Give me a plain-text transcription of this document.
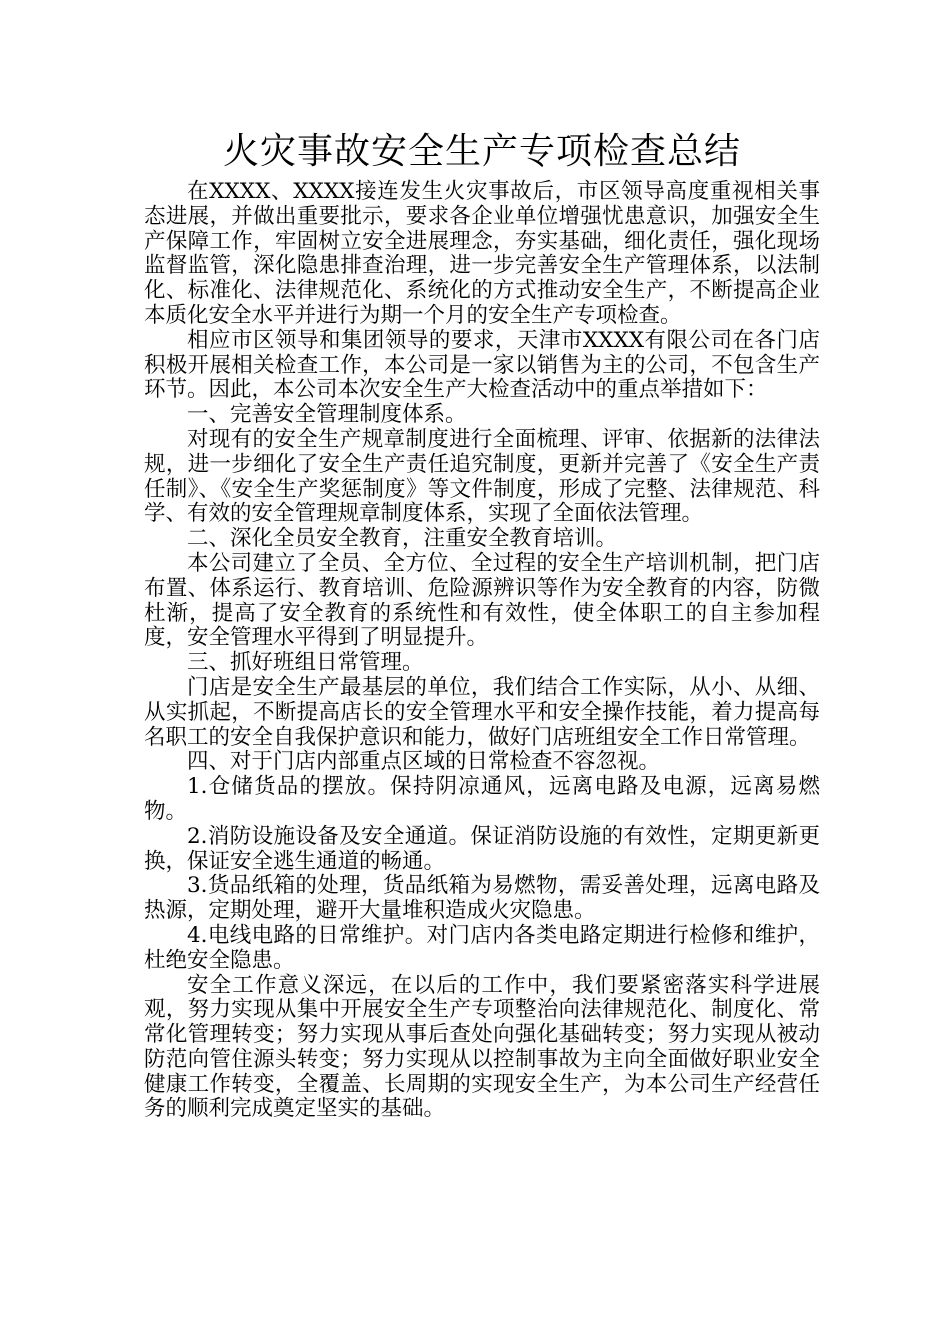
火灾事故安全生产专项检查总结

在XXXX、XXXX接连发生火灾事故后，市区领导高度重视相关事态进展，并做出重要批示，要求各企业单位增强忧患意识，加强安全生产保障工作，牢固树立安全进展理念，夯实基础，细化责任，强化现场监督监管，深化隐患排查治理，进一步完善安全生产管理体系，以法制化、标准化、法律规范化、系统化的方式推动安全生产，不断提高企业本质化安全水平并进行为期一个月的安全生产专项检查。

相应市区领导和集团领导的要求，天津市XXXX有限公司在各门店积极开展相关检查工作，本公司是一家以销售为主的公司，不包含生产环节。因此，本公司本次安全生产大检查活动中的重点举措如下：

一、完善安全管理制度体系。

对现有的安全生产规章制度进行全面梳理、评审、依据新的法律法规，进一步细化了安全生产责任追究制度，更新并完善了《安全生产责任制》、《安全生产奖惩制度》等文件制度，形成了完整、法律规范、科学、有效的安全管理规章制度体系，实现了全面依法管理。

二、深化全员安全教育，注重安全教育培训。

本公司建立了全员、全方位、全过程的安全生产培训机制，把门店布置、体系运行、教育培训、危险源辨识等作为安全教育的内容，防微杜渐，提高了安全教育的系统性和有效性，使全体职工的自主参加程度，安全管理水平得到了明显提升。

三、抓好班组日常管理。

门店是安全生产最基层的单位，我们结合工作实际，从小、从细、从实抓起，不断提高店长的安全管理水平和安全操作技能，着力提高每名职工的安全自我保护意识和能力，做好门店班组安全工作日常管理。

四、对于门店内部重点区域的日常检查不容忽视。

1.仓储货品的摆放。保持阴凉通风，远离电路及电源，远离易燃物。

2.消防设施设备及安全通道。保证消防设施的有效性，定期更新更换，保证安全逃生通道的畅通。

3.货品纸箱的处理，货品纸箱为易燃物，需妥善处理，远离电路及热源，定期处理，避开大量堆积造成火灾隐患。

4.电线电路的日常维护。对门店内各类电路定期进行检修和维护，杜绝安全隐患。

安全工作意义深远，在以后的工作中，我们要紧密落实科学进展观，努力实现从集中开展安全生产专项整治向法律规范化、制度化、常常化管理转变；努力实现从事后查处向强化基础转变；努力实现从被动防范向管住源头转变；努力实现从以控制事故为主向全面做好职业安全健康工作转变，全覆盖、长周期的实现安全生产，为本公司生产经营任务的顺利完成奠定坚实的基础。
